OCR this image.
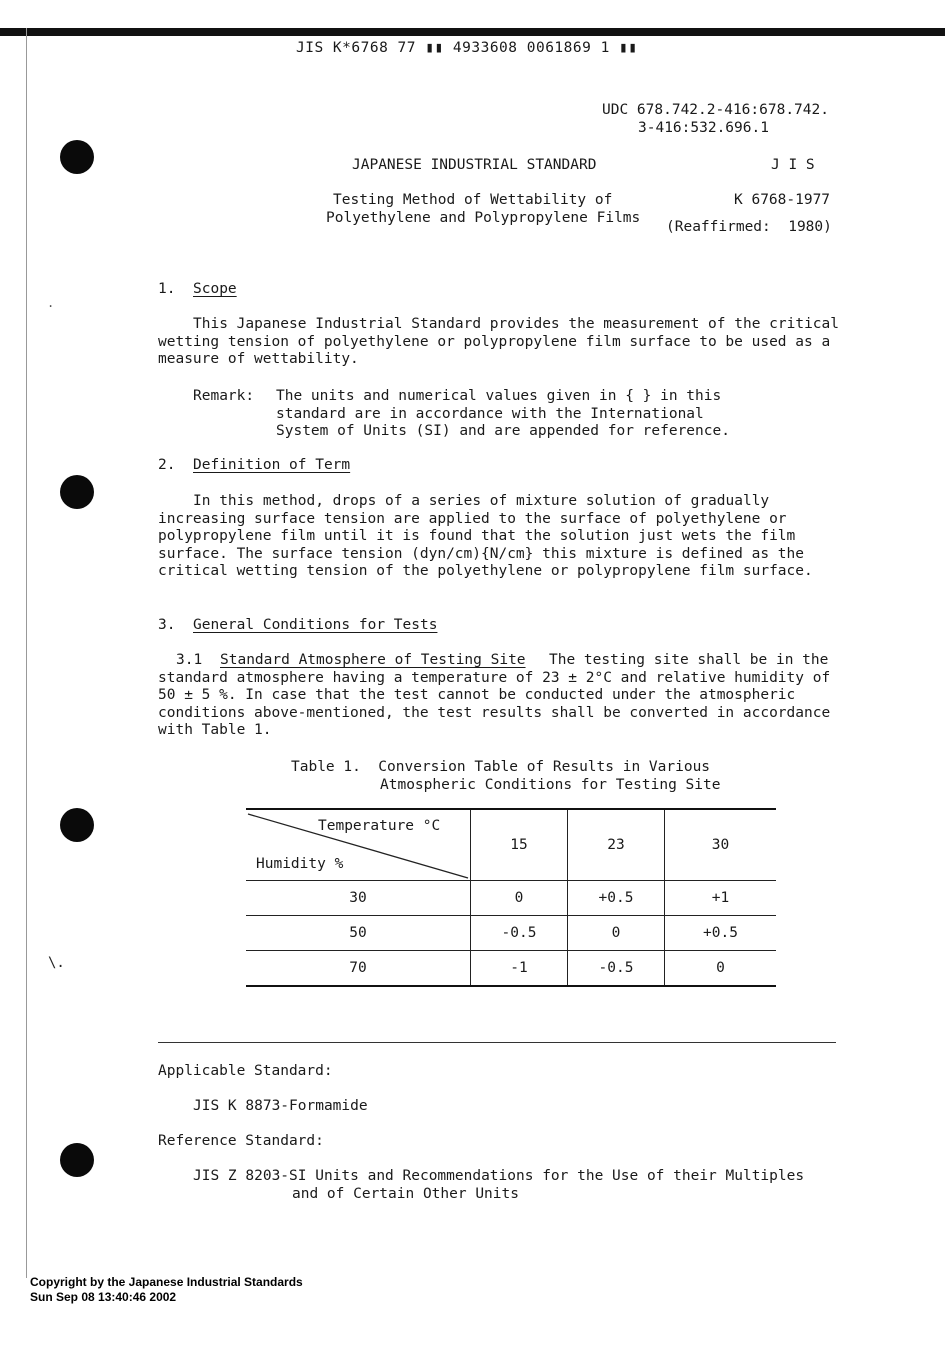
.
\.
JIS K*6768 77 ▮▮ 4933608 0061869 1 ▮▮
UDC 678.742.2-416:678.742.
3-416:532.696.1
JAPANESE INDUSTRIAL STANDARD	J I S
Testing Method of Wettability of
Polyethylene and Polypropylene Films
K 6768-1977
(Reaffirmed:  1980)
1. Scope
This Japanese Industrial Standard provides the measurement of the critical wetting tension of polyethylene or polypropylene film surface to be used as a measure of wettability.
Remark: The units and numerical values given in { } in this standard are in accordance with the International System of Units (SI) and are appended for reference.
2. Definition of Term
In this method, drops of a series of mixture solution of gradually increasing surface tension are applied to the surface of polyethylene or polypropylene film until it is found that the solution just wets the film surface. The surface tension (dyn/cm){N/cm} this mixture is defined as the critical wetting tension of the polyethylene or polypropylene film surface.
3. General Conditions for Tests
3.1 Standard Atmosphere of Testing Site	The testing site shall be in the standard atmosphere having a temperature of 23 ± 2°C and relative humidity of 50 ± 5 %. In case that the test cannot be conducted under the atmospheric conditions above-mentioned, the test results shall be converted in accordance with Table 1.
Table 1.  Conversion Table of Results in Various
Atmospheric Conditions for Testing Site
Temperature °C
Humidity %	15	23	30
30	0	+0.5	+1
50	-0.5	0	+0.5
70	-1	-0.5	0
Applicable Standard:
JIS K 8873-Formamide
Reference Standard:
JIS Z 8203-SI Units and Recommendations for the Use of their Multiples
and of Certain Other Units
Copyright by the Japanese Industrial Standards
Sun Sep 08 13:40:46 2002
